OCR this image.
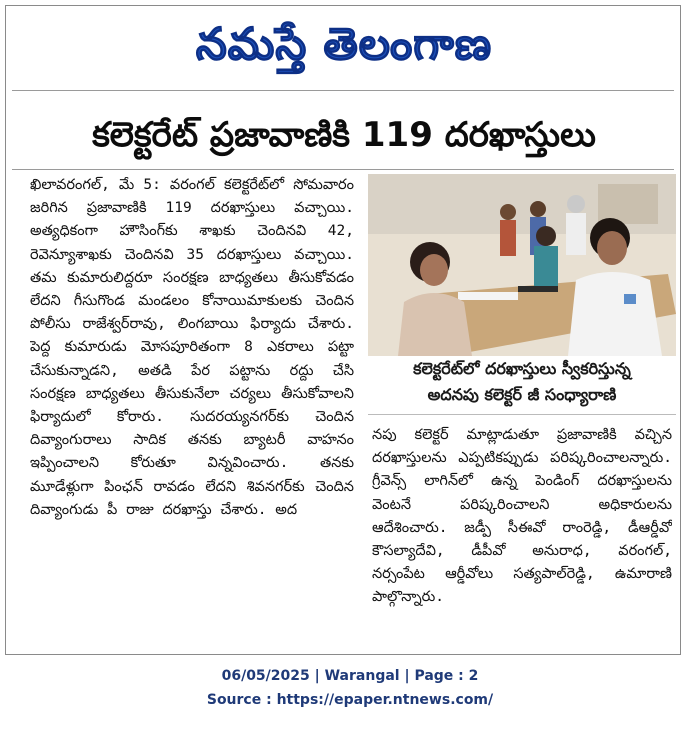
నమస్తే తెలంగాణ
కలెక్టరేట్ ప్రజావాణికి 119 దరఖాస్తులు
ఖిలావరంగల్, మే 5: వరంగల్ కలెక్టరేట్‌లో సోమవారం జరిగిన ప్రజావాణికి 119 దరఖాస్తులు వచ్చాయి. అత్యధికంగా హౌసింగ్‌కు శాఖకు చెందినవి 42, రెవెన్యూశాఖకు చెందినవి 35 దరఖాస్తులు వచ్చాయి. తమ కుమారులిద్దరూ సంరక్షణ బాధ్యతలు తీసుకోవడం లేదని గీసుగొండ మండలం కోనాయిమాకులకు చెందిన పోలీసు రాజేశ్వర్‌రావు, లింగబాయి ఫిర్యాదు చేశారు. పెద్ద కుమారుడు మోసపూరితంగా 8 ఎకరాలు పట్టా చేసుకున్నాడని, అతడి పేర పట్టాను రద్దు చేసి సంరక్షణ బాధ్యతలు తీసుకునేలా చర్యలు తీసుకోవాలని ఫిర్యాదులో కోరారు. సుదరయ్యనగర్‌కు చెందిన దివ్యాంగురాలు సాదిక తనకు బ్యాటరీ వాహనం ఇప్పించాలని కోరుతూ విన్నవించారు. తనకు మూడేళ్లుగా పింఛన్ రావడం లేదని శివనగర్‌కు చెందిన దివ్యాంగుడు పీ రాజు దరఖాస్తు చేశారు. అద
కలెక్టరేట్‌లో దరఖాస్తులు స్వీకరిస్తున్న
అదనపు కలెక్టర్ జీ సంధ్యారాణి
నపు కలెక్టర్ మాట్లాడుతూ ప్రజావాణికి వచ్చిన దరఖాస్తులను ఎప్పటికప్పుడు పరిష్కరించాలన్నారు. గ్రీవెన్స్ లాగిన్‌లో ఉన్న పెండింగ్ దరఖాస్తులను వెంటనే పరిష్కరించాలని అధికారులను ఆదేశించారు. జడ్పీ సీఈవో రాంరెడ్డి, డీఆర్డీవో కౌసల్యాదేవి, డీపీవో అనురాధ, వరంగల్, నర్సంపేట ఆర్డీవోలు సత్యపాల్‌రెడ్డి, ఉమారాణి పాల్గొన్నారు.
06/05/2025 | Warangal | Page : 2
Source : https://epaper.ntnews.com/
